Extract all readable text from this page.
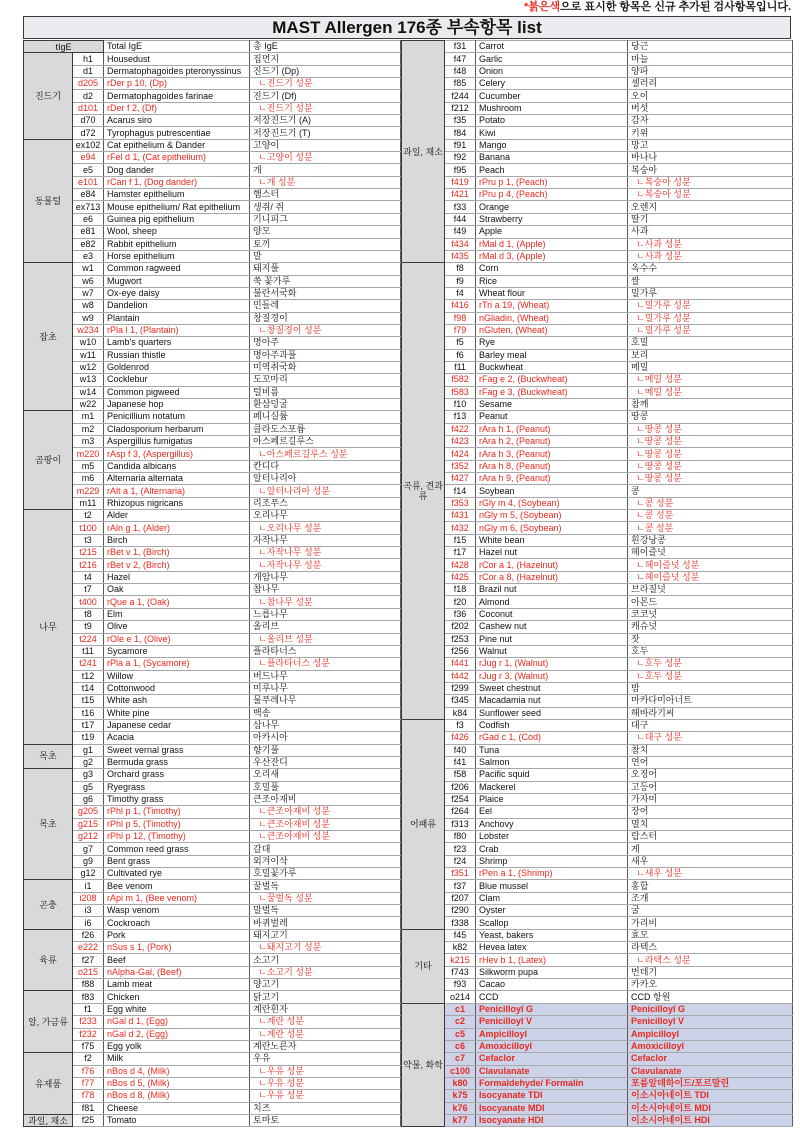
*붉은색으로 표시한 항목은 신규 추가된 검사항목입니다.
MAST Allergen 176종 부속항목 list
tIgE		Total IgE	총 IgE
진드기	h1	Housedust	집먼지
	d1	Dermatophagoides pteronyssinus	진드기 (Dp)
	d205	rDer p 10, (Dp)	ㄴ진드기 성분
	d2	Dermatophagoides farinae	진드기 (Df)
	d101	rDer f 2, (Df)	ㄴ진드기 성분
	d70	Acarus siro	저장진드기 (A)
	d72	Tyrophagus putrescentiae	저장진드기 (T)
동물털	ex102	Cat epithelium & Dander	고양이
	e94	rFel d 1, (Cat epithelium)	ㄴ고양이 성분
	e5	Dog dander	개
	e101	rCan f 1, (Dog dander)	ㄴ개 성분
	e84	Hamster epithelium	햄스터
	ex713	Mouse epithelium/ Rat epithelium	생쥐/ 쥐
	e6	Guinea pig epithelium	기니피그
	e81	Wool, sheep	양모
	e82	Rabbit epithelium	토끼
	e3	Horse epithelium	말
잡초	w1	Common ragweed	돼지풀
	w6	Mugwort	쑥 꽃가루
	w7	Ox-eye daisy	불란서국화
	w8	Dandelion	민들레
	w9	Plantain	창질경이
	w234	rPla l 1, (Plantain)	ㄴ창질경이 성분
	w10	Lamb's quarters	명아주
	w11	Russian thistle	명아주과풀
	w12	Goldenrod	미역취국화
	w13	Cocklebur	도꼬마리
	w14	Common pigweed	털비름
	w22	Japanese hop	환삼덩굴
곰팡이	m1	Penicillium notatum	페니실륨
	m2	Cladosporium herbarum	클라도스포륨
	m3	Aspergillus fumigatus	아스페르길루스
	m220	rAsp f 3, (Aspergillus)	ㄴ아스페르길루스 성분
	m5	Candida albicans	칸디다
	m6	Alternaria alternata	알터나리아
	m229	rAlt a 1, (Alternaria)	ㄴ알터나리아 성분
	m11	Rhizopus nigricans	리조푸스
나무	t2	Alder	오리나무
	t100	rAln g 1, (Alder)	ㄴ오리나무 성분
	t3	Birch	자작나무
	t215	rBet v 1, (Birch)	ㄴ자작나무 성분
	t216	rBet v 2, (Birch)	ㄴ자작나무 성분
	t4	Hazel	개암나무
	t7	Oak	참나무
	t400	rQue a 1, (Oak)	ㄴ참나무 성분
	t8	Elm	느릅나무
	t9	Olive	올리브
	t224	rOle e 1, (Olive)	ㄴ올리브 성분
	t11	Sycamore	플라타너스
	t241	rPla a 1, (Sycamore)	ㄴ플라타너스 성분
	t12	Willow	버드나무
	t14	Cottonwood	미루나무
	t15	White ash	물푸레나무
	t16	White pine	백송
	t17	Japanese cedar	삼나무
	t19	Acacia	아카시아
목초	g1	Sweet vernal grass	향기풀
	g2	Bermuda grass	우산잔디
목초	g3	Orchard grass	오리새
	g5	Ryegrass	호밀풀
	g6	Timothy grass	큰조아재비
	g205	rPhl p 1, (Timothy)	ㄴ큰조아재비 성분
	g215	rPhl p 5, (Timothy)	ㄴ큰조아재비 성분
	g212	rPhl p 12, (Timothy)	ㄴ큰조아재비 성분
	g7	Common reed grass	갈대
	g9	Bent grass	외겨이삭
	g12	Cultivated rye	호밀꽃가루
곤충	i1	Bee venom	꿀벌독
	i208	rApi m 1, (Bee venom)	ㄴ꿀벌독 성분
	i3	Wasp venom	말벌독
	i6	Cockroach	바퀴벌레
육류	f26	Pork	돼지고기
	e222	nSus s 1, (Pork)	ㄴ돼지고기 성분
	f27	Beef	소고기
	o215	nAlpha-Gal, (Beef)	ㄴ소고기 성분
	f88	Lamb meat	양고기
알, 가금류	f83	Chicken	닭고기
	f1	Egg white	계란흰자
	f233	nGal d 1, (Egg)	ㄴ계란 성분
	f232	nGal d 2, (Egg)	ㄴ계란 성분
	f75	Egg yolk	계란노른자
유제품	f2	Milk	우유
	f76	nBos d 4, (Milk)	ㄴ우유 성분
	f77	nBos d 5, (Milk)	ㄴ우유 성분
	f78	nBos d 8, (Milk)	ㄴ우유 성분
	f81	Cheese	치즈
과일, 채소	f25	Tomato	토마토
과일, 채소	f31	Carrot	당근
	f47	Garlic	마늘
	f48	Onion	양파
	f85	Celery	셀러리
	f244	Cucumber	오이
	f212	Mushroom	버섯
	f35	Potato	감자
	f84	Kiwi	키위
	f91	Mango	망고
	f92	Banana	바나나
	f95	Peach	복숭아
	f419	rPru p 1, (Peach)	ㄴ복숭아 성분
	f421	rPru p 4, (Peach)	ㄴ복숭아 성분
	f33	Orange	오렌지
	f44	Strawberry	딸기
	f49	Apple	사과
	f434	rMal d 1, (Apple)	ㄴ사과 성분
	f435	rMal d 3, (Apple)	ㄴ사과 성분
곡류, 견과류	f8	Corn	옥수수
	f9	Rice	쌀
	f4	Wheat flour	밀가루
	f416	rTri a 19, (Wheat)	ㄴ밀가루 성분
	f98	nGliadin, (Wheat)	ㄴ밀가루 성분
	f79	nGluten, (Wheat)	ㄴ밀가루 성분
	f5	Rye	호밀
	f6	Barley meal	보리
	f11	Buckwheat	메밀
	f582	rFag e 2, (Buckwheat)	ㄴ메밀 성분
	f583	rFag e 3, (Buckwheat)	ㄴ메밀 성분
	f10	Sesame	참깨
	f13	Peanut	땅콩
	f422	rAra h 1, (Peanut)	ㄴ땅콩 성분
	f423	rAra h 2, (Peanut)	ㄴ땅콩 성분
	f424	rAra h 3, (Peanut)	ㄴ땅콩 성분
	f352	rAra h 8, (Peanut)	ㄴ땅콩 성분
	f427	rAra h 9, (Peanut)	ㄴ땅콩 성분
	f14	Soybean	콩
	f353	rGly m 4, (Soybean)	ㄴ콩 성분
	f431	nGly m 5, (Soybean)	ㄴ콩 성분
	f432	nGly m 6, (Soybean)	ㄴ콩 성분
	f15	White bean	흰강낭콩
	f17	Hazel nut	헤이즐넛
	f428	rCor a 1, (Hazelnut)	ㄴ헤이즐넛 성분
	f425	rCor a 8, (Hazelnut)	ㄴ헤이즐넛 성분
	f18	Brazil nut	브라질넛
	f20	Almond	아몬드
	f36	Coconut	코코넛
	f202	Cashew nut	캐슈넛
	f253	Pine nut	잣
	f256	Walnut	호두
	f441	rJug r 1, (Walnut)	ㄴ호두 성분
	f442	rJug r 3, (Walnut)	ㄴ호두 성분
	f299	Sweet chestnut	밤
	f345	Macadamia nut	마카다미아너트
	k84	Sunflower seed	해바라기씨
어패류	f3	Codfish	대구
	f426	rGad c 1, (Cod)	ㄴ대구 성분
	f40	Tuna	참치
	f41	Salmon	연어
	f58	Pacific squid	오징어
	f206	Mackerel	고등어
	f254	Plaice	가자미
	f264	Eel	장어
	f313	Anchovy	멸치
	f80	Lobster	랍스터
	f23	Crab	게
	f24	Shrimp	새우
	f351	rPen a 1, (Shrimp)	ㄴ새우 성분
	f37	Blue mussel	홍합
	f207	Clam	조개
	f290	Oyster	굴
	f338	Scallop	가리비
기타	f45	Yeast, bakers	효모
	k82	Hevea latex	라텍스
	k215	rHev b 1, (Latex)	ㄴ라텍스 성분
	f743	Silkworm pupa	번데기
	f93	Cacao	카카오
	o214	CCD	CCD 항원
약물, 화학	c1	Penicilloyl G	Penicilloyl G
	c2	Penicilloyl V	Penicilloyl V
	c5	Ampicilloyl	Ampicilloyl
	c6	Amoxicilloyl	Amoxicilloyl
	c7	Cefaclor	Cefaclor
	c100	Clavulanate	Clavulanate
	k80	Formaldehyde/ Formalin	포름알데하이드/포르말린
	k75	Isocyanate TDI	이소시아네이트 TDI
	k76	Isocyanate MDI	이소시아네이트 MDI
	k77	Isocyanate HDI	이소시아네이트 HDI
